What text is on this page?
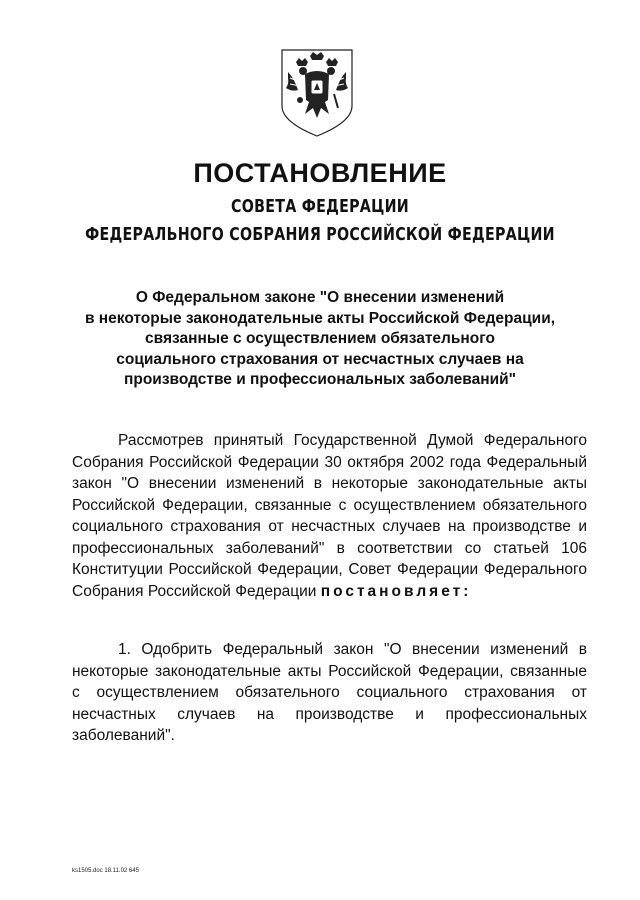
ПОСТАНОВЛЕНИЕ
СОВЕТА ФЕДЕРАЦИИ
ФЕДЕРАЛЬНОГО СОБРАНИЯ РОССИЙСКОЙ ФЕДЕРАЦИИ
О Федеральном законе "О внесении изменений
в некоторые законодательные акты Российской Федерации,
связанные с осуществлением обязательного
социального страхования от несчастных случаев на
производстве и профессиональных заболеваний"
Рассмотрев принятый Государственной Думой Федерального Собрания Российской Федерации 30 октября 2002 года Федеральный закон "О внесении изменений в некоторые законодательные акты Российской Федерации, связанные с осуществлением обязательного социального страхования от несчастных случаев на производстве и профессиональных заболеваний" в соответствии со статьей 106 Конституции Российской Федерации, Совет Федерации Федерального Собрания Российской Федерации постановляет:
1. Одобрить Федеральный закон "О внесении изменений в некоторые законодательные акты Российской Федерации, связанные с осуществлением обязательного социального страхования от несчастных случаев на производстве и профессиональных заболеваний".
ks1505.doc 18.11.02 645
